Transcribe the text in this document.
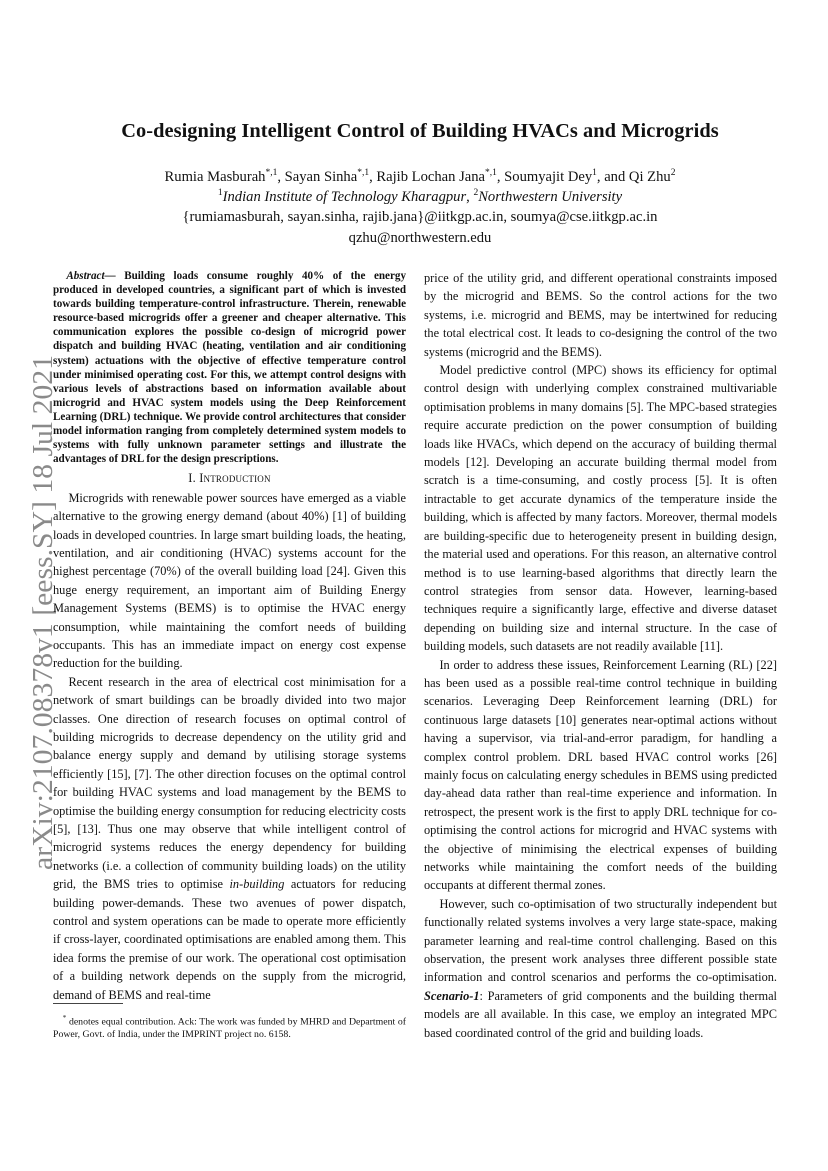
arXiv:2107.08378v1 [eess.SY] 18 Jul 2021
Co-designing Intelligent Control of Building HVACs and Microgrids
Rumia Masburah$^{*,1}$, Sayan Sinha$^{*,1}$, Rajib Lochan Jana$^{*,1}$, Soumyajit Dey$^1$, and Qi Zhu$^2$
$^1$Indian Institute of Technology Kharagpur, $^2$Northwestern University
{rumiamasburah, sayan.sinha, rajib.jana}@iitkgp.ac.in, soumya@cse.iitkgp.ac.in
qzhu@northwestern.edu

Abstract— Building loads consume roughly 40% of the energy produced in developed countries, a significant part of which is invested towards building temperature-control infrastructure. Therein, renewable resource-based microgrids offer a greener and cheaper alternative. This communication explores the possible co-design of microgrid power dispatch and building HVAC (heating, ventilation and air conditioning system) actuations with the objective of effective temperature control under minimised operating cost. For this, we attempt control designs with various levels of abstractions based on information available about microgrid and HVAC system models using the Deep Reinforcement Learning (DRL) technique. We provide control architectures that consider model information ranging from completely determined system models to systems with fully unknown parameter settings and illustrate the advantages of DRL for the design prescriptions.

I. Introduction

Microgrids with renewable power sources have emerged as a viable alternative to the growing energy demand (about 40%) [1] of building loads in developed countries. In large smart building loads, the heating, ventilation, and air conditioning (HVAC) systems account for the highest percentage (70%) of the overall building load [24]. Given this huge energy requirement, an important aim of Building Energy Management Systems (BEMS) is to optimise the HVAC energy consumption, while maintaining the comfort needs of building occupants. This has an immediate impact on energy cost expense reduction for the building.

Recent research in the area of electrical cost minimisation for a network of smart buildings can be broadly divided into two major classes. One direction of research focuses on optimal control of building microgrids to decrease dependency on the utility grid and balance energy supply and demand by utilising storage systems efficiently [15], [7]. The other direction focuses on the optimal control for building HVAC systems and load management by the BEMS to optimise the building energy consumption for reducing electricity costs [5], [13]. Thus one may observe that while intelligent control of microgrid systems reduces the energy dependency for building networks (i.e. a collection of community building loads) on the utility grid, the BMS tries to optimise in-building actuators for reducing building power-demands. These two avenues of power dispatch, control and system operations can be made to operate more efficiently if cross-layer, coordinated optimisations are enabled among them. This idea forms the premise of our work. The operational cost optimisation of a building network depends on the supply from the microgrid, demand of BEMS and real-time

* denotes equal contribution. Ack: The work was funded by MHRD and Department of Power, Govt. of India, under the IMPRINT project no. 6158.

price of the utility grid, and different operational constraints imposed by the microgrid and BEMS. So the control actions for the two systems, i.e. microgrid and BEMS, may be intertwined for reducing the total electrical cost. It leads to co-designing the control of the two systems (microgrid and the BEMS).

Model predictive control (MPC) shows its efficiency for optimal control design with underlying complex constrained multivariable optimisation problems in many domains [5]. The MPC-based strategies require accurate prediction on the power consumption of building loads like HVACs, which depend on the accuracy of building thermal models [12]. Developing an accurate building thermal model from scratch is a time-consuming, and costly process [5]. It is often intractable to get accurate dynamics of the temperature inside the building, which is affected by many factors. Moreover, thermal models are building-specific due to heterogeneity present in building design, the material used and operations. For this reason, an alternative control method is to use learning-based algorithms that directly learn the control strategies from sensor data. However, learning-based techniques require a significantly large, effective and diverse dataset depending on building size and internal structure. In the case of building models, such datasets are not readily available [11].

In order to address these issues, Reinforcement Learning (RL) [22] has been used as a possible real-time control technique in building scenarios. Leveraging Deep Reinforcement learning (DRL) for continuous large datasets [10] generates near-optimal actions without having a supervisor, via trial-and-error paradigm, for handling a complex control problem. DRL based HVAC control works [26] mainly focus on calculating energy schedules in BEMS using predicted day-ahead data rather than real-time experience and information. In retrospect, the present work is the first to apply DRL technique for co-optimising the control actions for microgrid and HVAC systems with the objective of minimising the electrical expenses of building networks while maintaining the comfort needs of the building occupants at different thermal zones.

However, such co-optimisation of two structurally independent but functionally related systems involves a very large state-space, making parameter learning and real-time control challenging. Based on this observation, the present work analyses three different possible state information and control scenarios and performs the co-optimisation. Scenario-1: Parameters of grid components and the building thermal models are all available. In this case, we employ an integrated MPC based coordinated control of the grid and building loads.
